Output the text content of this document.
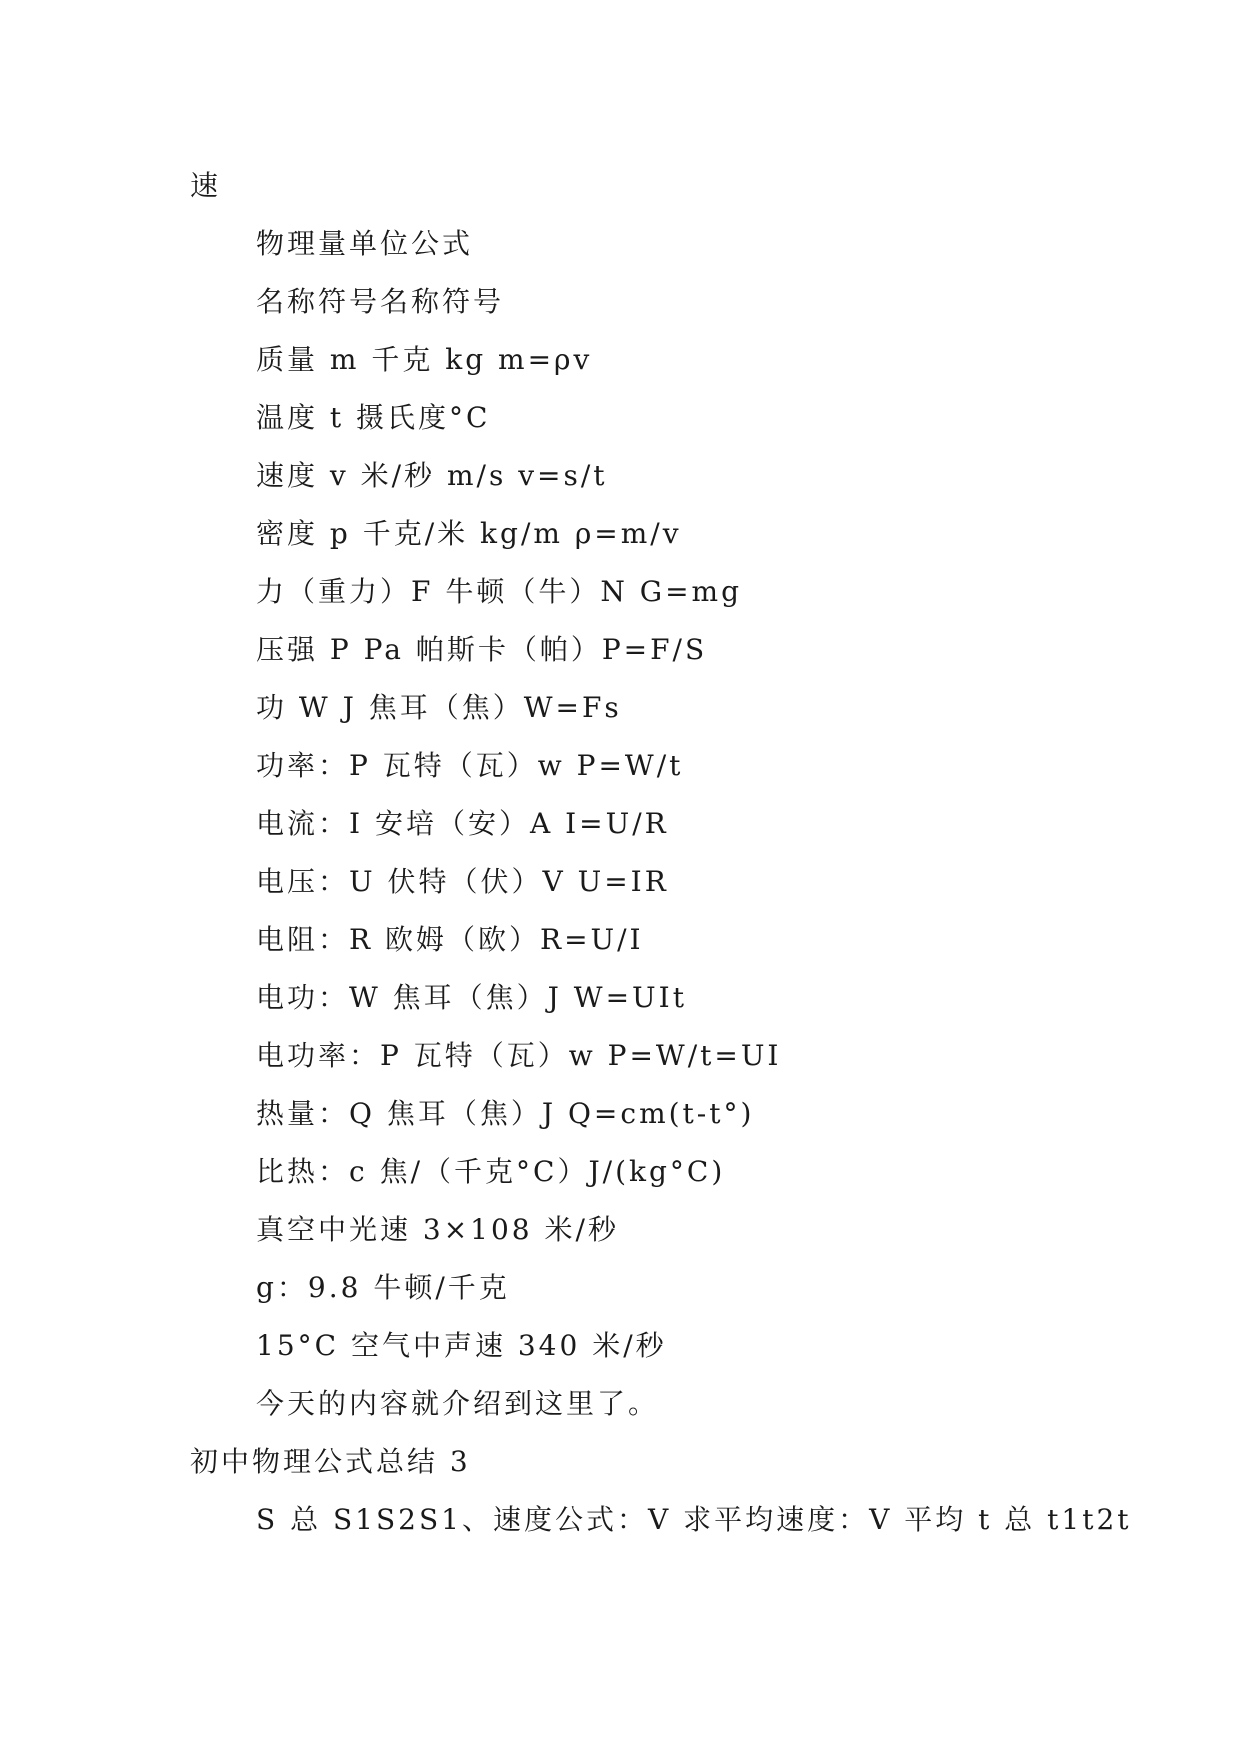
速
物理量单位公式
名称符号名称符号
质量 m 千克 kg m=ρv
温度 t 摄氏度°C
速度 v 米/秒 m/s v=s/t
密度 p 千克/米 kg/m ρ=m/v
力（重力）F 牛顿（牛）N G=mg
压强 P Pa 帕斯卡（帕）P=F/S
功 W J 焦耳（焦）W=Fs
功率：P 瓦特（瓦）w P=W/t
电流：I 安培（安）A I=U/R
电压：U 伏特（伏）V U=IR
电阻：R 欧姆（欧）R=U/I
电功：W 焦耳（焦）J W=UIt
电功率：P 瓦特（瓦）w P=W/t=UI
热量：Q 焦耳（焦）J Q=cm(t-t°)
比热：c 焦/（千克°C）J/(kg°C)
真空中光速 3×108 米/秒
g：9.8 牛顿/千克
15°C 空气中声速 340 米/秒
今天的内容就介绍到这里了。
初中物理公式总结 3
S 总 S1S2S1、速度公式：V 求平均速度：V 平均 t 总 t1t2t
